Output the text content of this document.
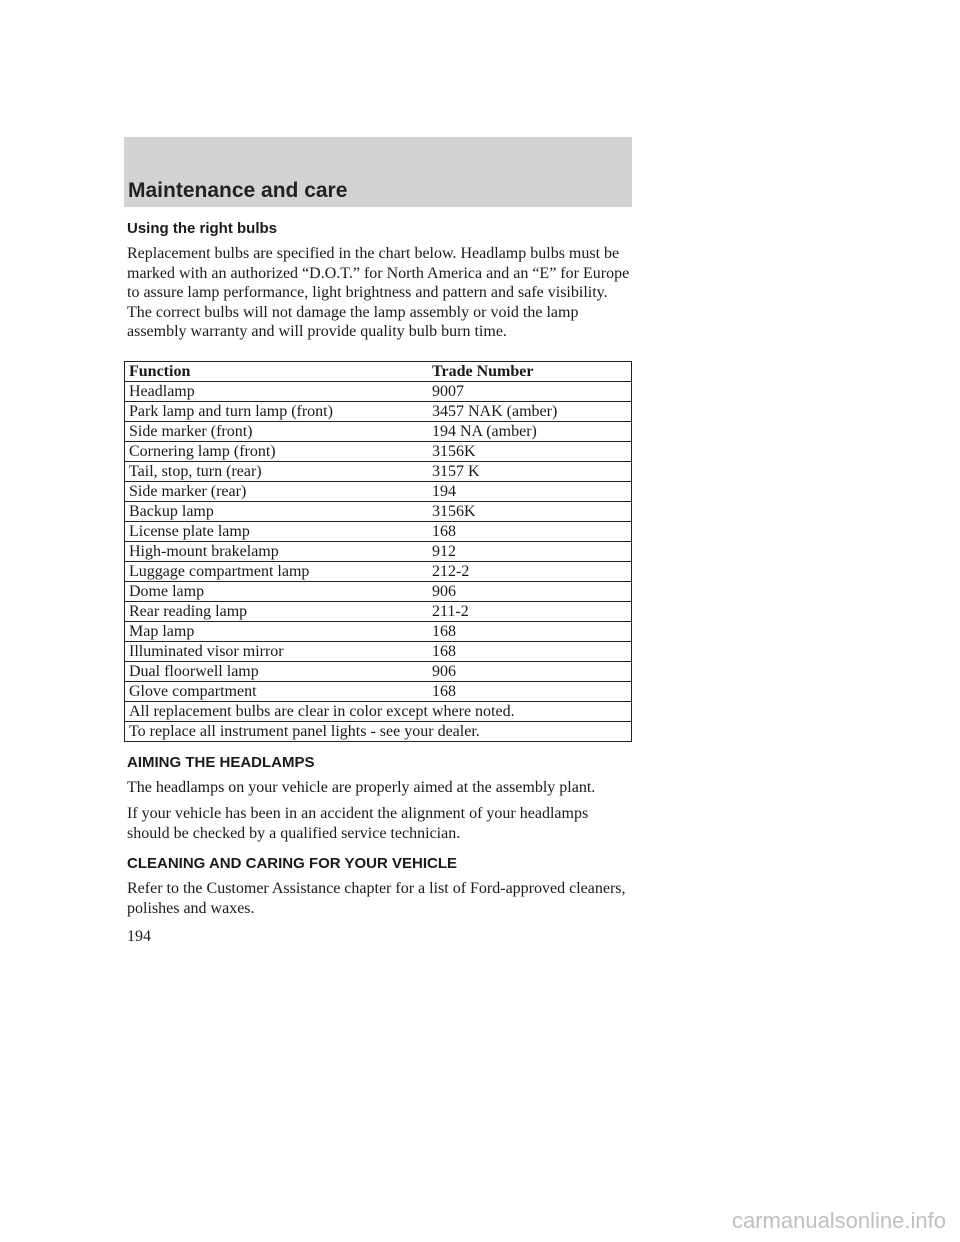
Maintenance and care
Using the right bulbs

Replacement bulbs are specified in the chart below. Headlamp bulbs must be marked with an authorized “D.O.T.” for North America and an “E” for Europe to assure lamp performance, light brightness and pattern and safe visibility. The correct bulbs will not damage the lamp assembly or void the lamp assembly warranty and will provide quality bulb burn time.

Function	Trade Number
Headlamp	9007
Park lamp and turn lamp (front)	3457 NAK (amber)
Side marker (front)	194 NA (amber)
Cornering lamp (front)	3156K
Tail, stop, turn (rear)	3157 K
Side marker (rear)	194
Backup lamp	3156K
License plate lamp	168
High-mount brakelamp	912
Luggage compartment lamp	212-2
Dome lamp	906
Rear reading lamp	211-2
Map lamp	168
Illuminated visor mirror	168
Dual floorwell lamp	906
Glove compartment	168
All replacement bulbs are clear in color except where noted.	
To replace all instrument panel lights - see your dealer.	
AIMING THE HEADLAMPS

The headlamps on your vehicle are properly aimed at the assembly plant.

If your vehicle has been in an accident the alignment of your headlamps should be checked by a qualified service technician.

CLEANING AND CARING FOR YOUR VEHICLE

Refer to the Customer Assistance chapter for a list of Ford-approved cleaners, polishes and waxes.

194
carmanualsonline.info
